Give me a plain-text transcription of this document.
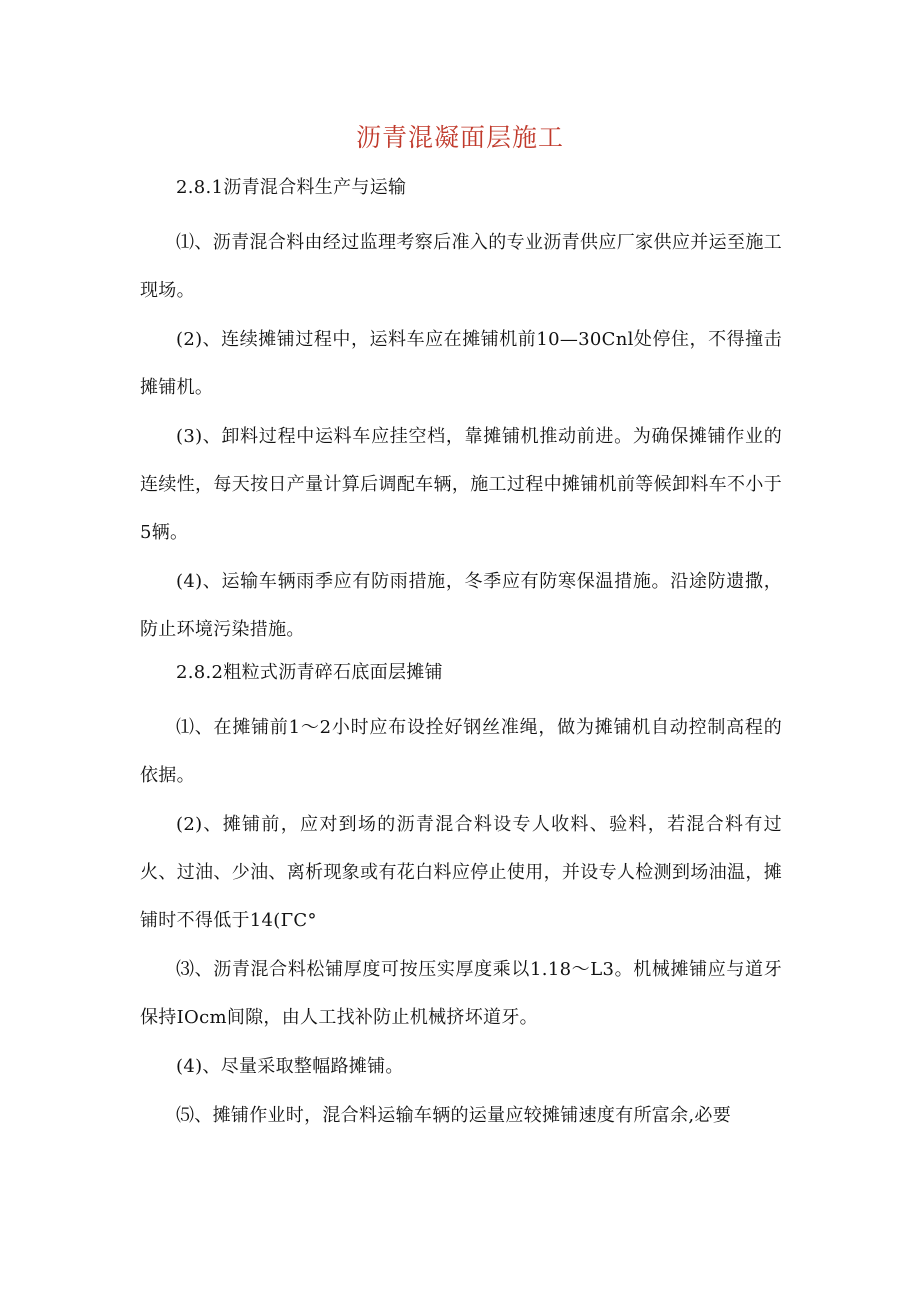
沥青混凝面层施工

2.8.1沥青混合料生产与运输

⑴、沥青混合料由经过监理考察后准入的专业沥青供应厂家供应并运至施工现场。

(2)、连续摊铺过程中，运料车应在摊铺机前10—30Cnl处停住，不得撞击摊铺机。

(3)、卸料过程中运料车应挂空档，靠摊铺机推动前进。为确保摊铺作业的连续性，每天按日产量计算后调配车辆，施工过程中摊铺机前等候卸料车不小于5辆。

(4)、运输车辆雨季应有防雨措施，冬季应有防寒保温措施。沿途防遗撒，防止环境污染措施。

2.8.2粗粒式沥青碎石底面层摊铺

⑴、在摊铺前1～2小时应布设拴好钢丝准绳，做为摊铺机自动控制高程的依据。

(2)、摊铺前，应对到场的沥青混合料设专人收料、验料，若混合料有过火、过油、少油、离析现象或有花白料应停止使用，并设专人检测到场油温，摊铺时不得低于14(ΓC°

⑶、沥青混合料松铺厚度可按压实厚度乘以1.18～L3。机械摊铺应与道牙保持IOcm间隙，由人工找补防止机械挤坏道牙。

(4)、尽量采取整幅路摊铺。

⑸、摊铺作业时，混合料运输车辆的运量应较摊铺速度有所富余,必要
